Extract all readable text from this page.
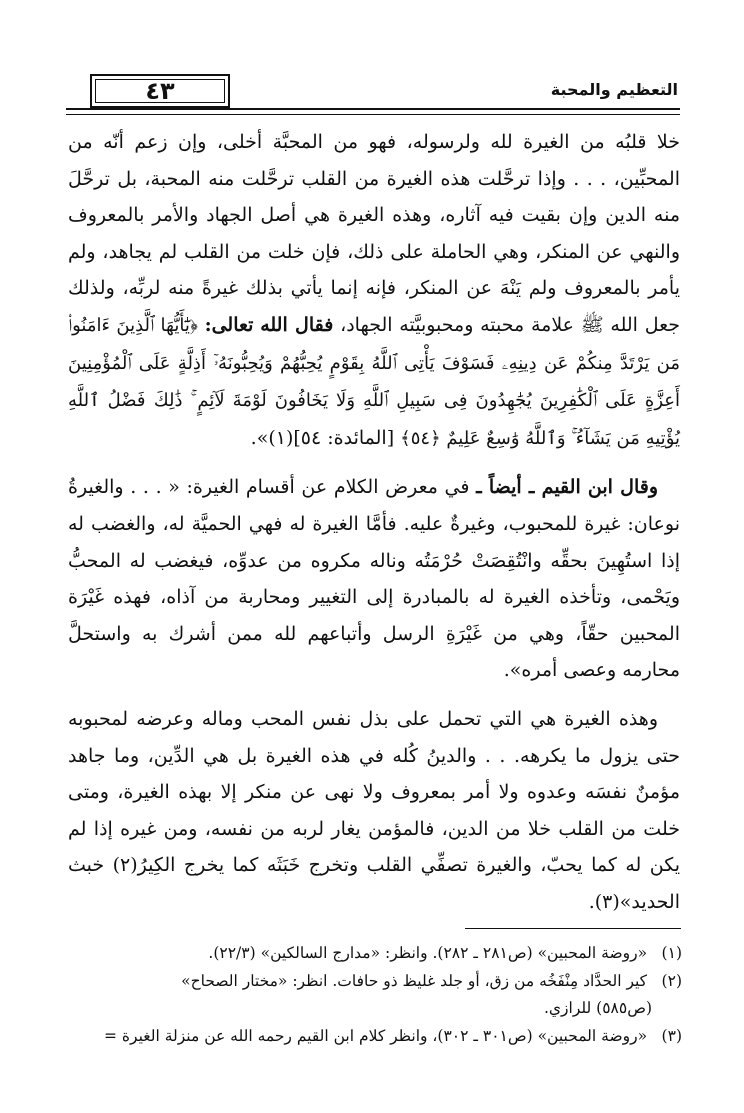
٤٣	التعظيم والمحبة

خلا قلبُه من الغيرة لله ولرسوله، فهو من المحبَّة أخلى، وإن زعم أنّه من المحبِّين، . . . وإذا ترحَّلت هذه الغيرة من القلب ترحَّلت منه المحبة، بل ترحَّلَ منه الدين وإن بقيت فيه آثاره، وهذه الغيرة هي أصل الجهاد والأمر بالمعروف والنهي عن المنكر، وهي الحاملة على ذلك، فإن خلت من القلب لم يجاهد، ولم يأمر بالمعروف ولم يَنْهَ عن المنكر، فإنه إنما يأتي بذلك غيرةً منه لربِّه، ولذلك جعل الله ﷺ علامة محبته ومحبوبيَّته الجهاد، فقال الله تعالى: ﴿يَٰٓأَيُّهَا ٱلَّذِينَ ءَامَنُوا۟ مَن يَرْتَدَّ مِنكُمْ عَن دِينِهِۦ فَسَوْفَ يَأْتِى ٱللَّهُ بِقَوْمٍ يُحِبُّهُمْ وَيُحِبُّونَهُۥٓ أَذِلَّةٍ عَلَى ٱلْمُؤْمِنِينَ أَعِزَّةٍ عَلَى ٱلْكَٰفِرِينَ يُجَٰهِدُونَ فِى سَبِيلِ ٱللَّهِ وَلَا يَخَافُونَ لَوْمَةَ لَآئِمٍ ۚ ذَٰلِكَ فَضْلُ ٱللَّهِ يُؤْتِيهِ مَن يَشَآءُ ۚ وَٱللَّهُ وَٰسِعٌ عَلِيمٌ ﴿٥٤﴾ [المائدة: ٥٤](١)».

وقال ابن القيم ـ أيضاً ـ في معرض الكلام عن أقسام الغيرة: « . . . والغيرةُ نوعان: غيرة للمحبوب، وغيرةٌ عليه. فأمَّا الغيرة له فهي الحميَّة له، والغضب له إذا استُهِينَ بحقِّه وانْتُقِصَتْ حُرْمَتُه وناله مكروه من عدوِّه، فيغضب له المحبُّ ويَحْمى، وتأخذه الغيرة له بالمبادرة إلى التغيير ومحاربة من آذاه، فهذه غَيْرَة المحبين حقّاً، وهي من غَيْرَةِ الرسل وأتباعهم لله ممن أشرك به واستحلَّ محارمه وعصى أمره».

وهذه الغيرة هي التي تحمل على بذل نفس المحب وماله وعرضه لمحبوبه حتى يزول ما يكرهه. . . والدينُ كُله في هذه الغيرة بل هي الدِّين، وما جاهد مؤمنٌ نفسَه وعدوه ولا أمر بمعروف ولا نهى عن منكر إلا بهذه الغيرة، ومتى خلت من القلب خلا من الدين، فالمؤمن يغار لربه من نفسه، ومن غيره إذا لم يكن له كما يحبّ، والغيرة تصفِّي القلب وتخرج خَبَثَه كما يخرج الكِيرُ(٢) خبث الحديد»(٣).

(١) «روضة المحبين» (ص٢٨١ ـ ٢٨٢). وانظر: «مدارج السالكين» (٢٢/٣).

(٢) كير الحدَّاد مِنْفَخُه من زق، أو جلد غليظ ذو حافات. انظر: «مختار الصحاح»

(ص٥٨٥) للرازي.

(٣) «روضة المحبين» (ص٣٠١ ـ ٣٠٢)، وانظر كلام ابن القيم رحمه الله عن منزلة الغيرة =
